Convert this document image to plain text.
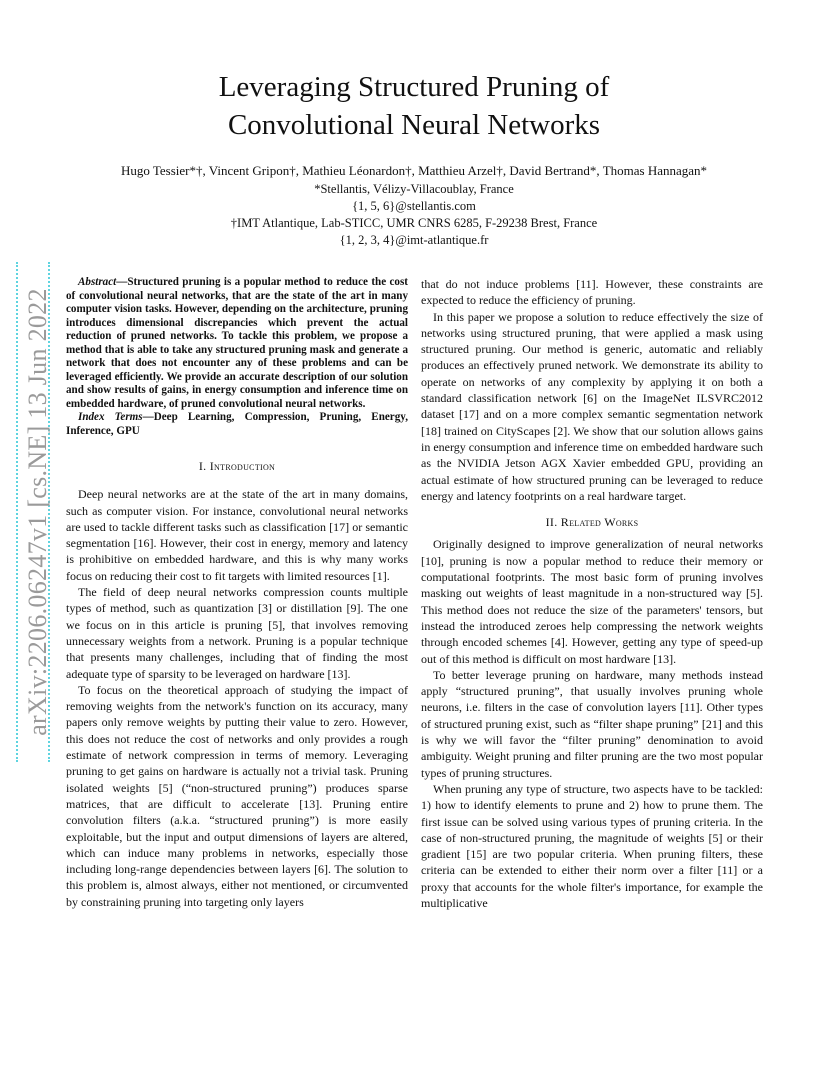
arXiv:2206.06247v1 [cs.NE] 13 Jun 2022
Leveraging Structured Pruning of
Convolutional Neural Networks
Hugo Tessier*†, Vincent Gripon†, Mathieu Léonardon†, Matthieu Arzel†, David Bertrand*, Thomas Hannagan*
*Stellantis, Vélizy-Villacoublay, France
{1, 5, 6}@stellantis.com
†IMT Atlantique, Lab-STICC, UMR CNRS 6285, F-29238 Brest, France
{1, 2, 3, 4}@imt-atlantique.fr

Abstract—Structured pruning is a popular method to reduce the cost of convolutional neural networks, that are the state of the art in many computer vision tasks. However, depending on the architecture, pruning introduces dimensional discrepancies which prevent the actual reduction of pruned networks. To tackle this problem, we propose a method that is able to take any structured pruning mask and generate a network that does not encounter any of these problems and can be leveraged efficiently. We provide an accurate description of our solution and show results of gains, in energy consumption and inference time on embedded hardware, of pruned convolutional neural networks.

Index Terms—Deep Learning, Compression, Pruning, Energy, Inference, GPU

I. Introduction

Deep neural networks are at the state of the art in many domains, such as computer vision. For instance, convolutional neural networks are used to tackle different tasks such as classification [17] or semantic segmentation [16]. However, their cost in energy, memory and latency is prohibitive on embedded hardware, and this is why many works focus on reducing their cost to fit targets with limited resources [1].

The field of deep neural networks compression counts multiple types of method, such as quantization [3] or distillation [9]. The one we focus on in this article is pruning [5], that involves removing unnecessary weights from a network. Pruning is a popular technique that presents many challenges, including that of finding the most adequate type of sparsity to be leveraged on hardware [13].

To focus on the theoretical approach of studying the impact of removing weights from the network's function on its accuracy, many papers only remove weights by putting their value to zero. However, this does not reduce the cost of networks and only provides a rough estimate of network compression in terms of memory. Leveraging pruning to get gains on hardware is actually not a trivial task. Pruning isolated weights [5] (“non-structured pruning”) produces sparse matrices, that are difficult to accelerate [13]. Pruning entire convolution filters (a.k.a. “structured pruning”) is more easily exploitable, but the input and output dimensions of layers are altered, which can induce many problems in networks, especially those including long-range dependencies between layers [6]. The solution to this problem is, almost always, either not mentioned, or circumvented by constraining pruning into targeting only layers

that do not induce problems [11]. However, these constraints are expected to reduce the efficiency of pruning.

In this paper we propose a solution to reduce effectively the size of networks using structured pruning, that were applied a mask using structured pruning. Our method is generic, automatic and reliably produces an effectively pruned network. We demonstrate its ability to operate on networks of any complexity by applying it on both a standard classification network [6] on the ImageNet ILSVRC2012 dataset [17] and on a more complex semantic segmentation network [18] trained on CityScapes [2]. We show that our solution allows gains in energy consumption and inference time on embedded hardware such as the NVIDIA Jetson AGX Xavier embedded GPU, providing an actual estimate of how structured pruning can be leveraged to reduce energy and latency footprints on a real hardware target.

II. Related Works

Originally designed to improve generalization of neural networks [10], pruning is now a popular method to reduce their memory or computational footprints. The most basic form of pruning involves masking out weights of least magnitude in a non-structured way [5]. This method does not reduce the size of the parameters' tensors, but instead the introduced zeroes help compressing the network weights through encoded schemes [4]. However, getting any type of speed-up out of this method is difficult on most hardware [13].

To better leverage pruning on hardware, many methods instead apply “structured pruning”, that usually involves pruning whole neurons, i.e. filters in the case of convolution layers [11]. Other types of structured pruning exist, such as “filter shape pruning” [21] and this is why we will favor the “filter pruning” denomination to avoid ambiguity. Weight pruning and filter pruning are the two most popular types of pruning structures.

When pruning any type of structure, two aspects have to be tackled: 1) how to identify elements to prune and 2) how to prune them. The first issue can be solved using various types of pruning criteria. In the case of non-structured pruning, the magnitude of weights [5] or their gradient [15] are two popular criteria. When pruning filters, these criteria can be extended to either their norm over a filter [11] or a proxy that accounts for the whole filter's importance, for example the multiplicative
